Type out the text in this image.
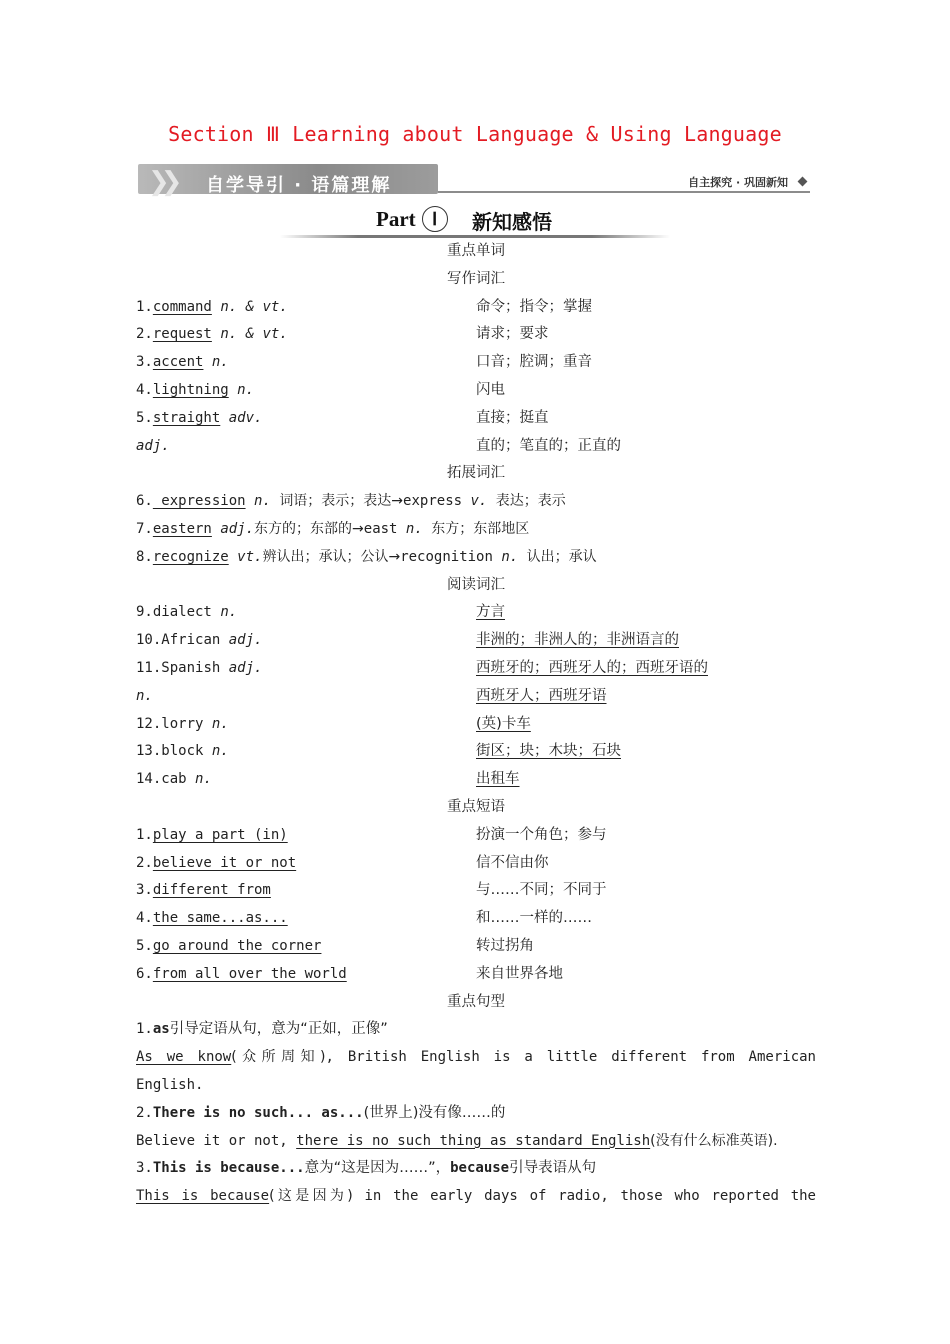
Section Ⅲ Learning about Language & Using Language
❯❯ 自学导引 · 语篇理解	自主探究 · 巩固新知
Part Ⅰ	新知感悟
重点单词
写作词汇
1.command n. & vt.	命令；指令；掌握
2.request n. & vt.	请求；要求
3.accent n.	口音；腔调；重音
4.lightning n.	闪电
5.straight adv.	直接；挺直
adj.	直的；笔直的；正直的
拓展词汇
6. expression n. 词语；表示；表达→express v. 表达；表示
7.eastern adj.东方的；东部的→east n. 东方；东部地区
8.recognize vt.辨认出；承认；公认→recognition n. 认出；承认
阅读词汇
9.dialect n.	方言
10.African adj.	非洲的；非洲人的；非洲语言的
11.Spanish adj.	西班牙的；西班牙人的；西班牙语的
n.	西班牙人；西班牙语
12.lorry n.	(英)卡车
13.block n.	街区；块；木块；石块
14.cab n.	出租车
重点短语
1.play a part (in)	扮演一个角色；参与
2.believe it or not	信不信由你
3.different from	与……不同；不同于
4.the same...as...	和……一样的……
5.go around the corner	转过拐角
6.from all over the world	来自世界各地
重点句型
1.as引导定语从句，意为“正如，正像”
As we know(众所周知), British English is a little different from American
English.
2.There is no such... as...(世界上)没有像……的
Believe it or not, there is no such thing as standard English(没有什么标准英语).
3.This is because...意为“这是因为……”，because引导表语从句
This is because(这是因为) in the early days of radio, those who reported the
